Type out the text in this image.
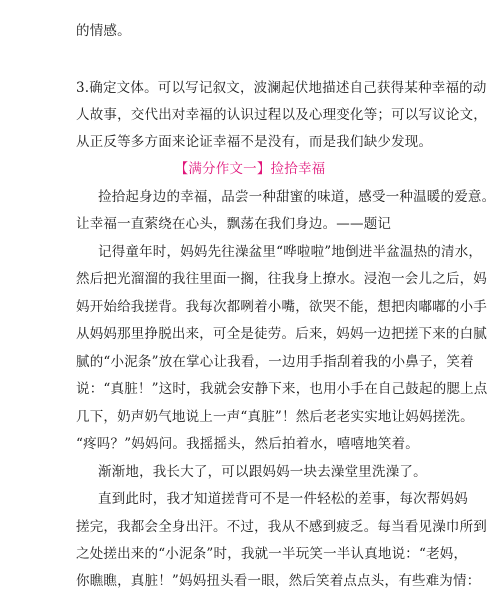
的情感。
3.确定文体。可以写记叙文，波澜起伏地描述自己获得某种幸福的动
人故事，交代出对幸福的认识过程以及心理变化等；可以写议论文，
从正反等多方面来论证幸福不是没有，而是我们缺少发现。
【满分作文一】捡拾幸福
捡拾起身边的幸福，品尝一种甜蜜的味道，感受一种温暖的爱意。
让幸福一直萦绕在心头，飘荡在我们身边。——题记
记得童年时，妈妈先往澡盆里“哗啦啦”地倒进半盆温热的清水，
然后把光溜溜的我往里面一搁，往我身上撩水。浸泡一会儿之后，妈
妈开始给我搓背。我每次都咧着小嘴，欲哭不能，想把肉嘟嘟的小手
从妈妈那里挣脱出来，可全是徒劳。后来，妈妈一边把搓下来的白腻
腻的“小泥条”放在掌心让我看，一边用手指刮着我的小鼻子，笑着
说：“真脏！”这时，我就会安静下来，也用小手在自己鼓起的腮上点
几下，奶声奶气地说上一声“真脏”！然后老老实实地让妈妈搓洗。
“疼吗？”妈妈问。我摇摇头，然后拍着水，嘻嘻地笑着。
渐渐地，我长大了，可以跟妈妈一块去澡堂里洗澡了。
直到此时，我才知道搓背可不是一件轻松的差事，每次帮妈妈
搓完，我都会全身出汗。不过，我从不感到疲乏。每当看见澡巾所到
之处搓出来的“小泥条”时，我就一半玩笑一半认真地说：“老妈，
你瞧瞧，真脏！”妈妈扭头看一眼，然后笑着点点头，有些难为情：
